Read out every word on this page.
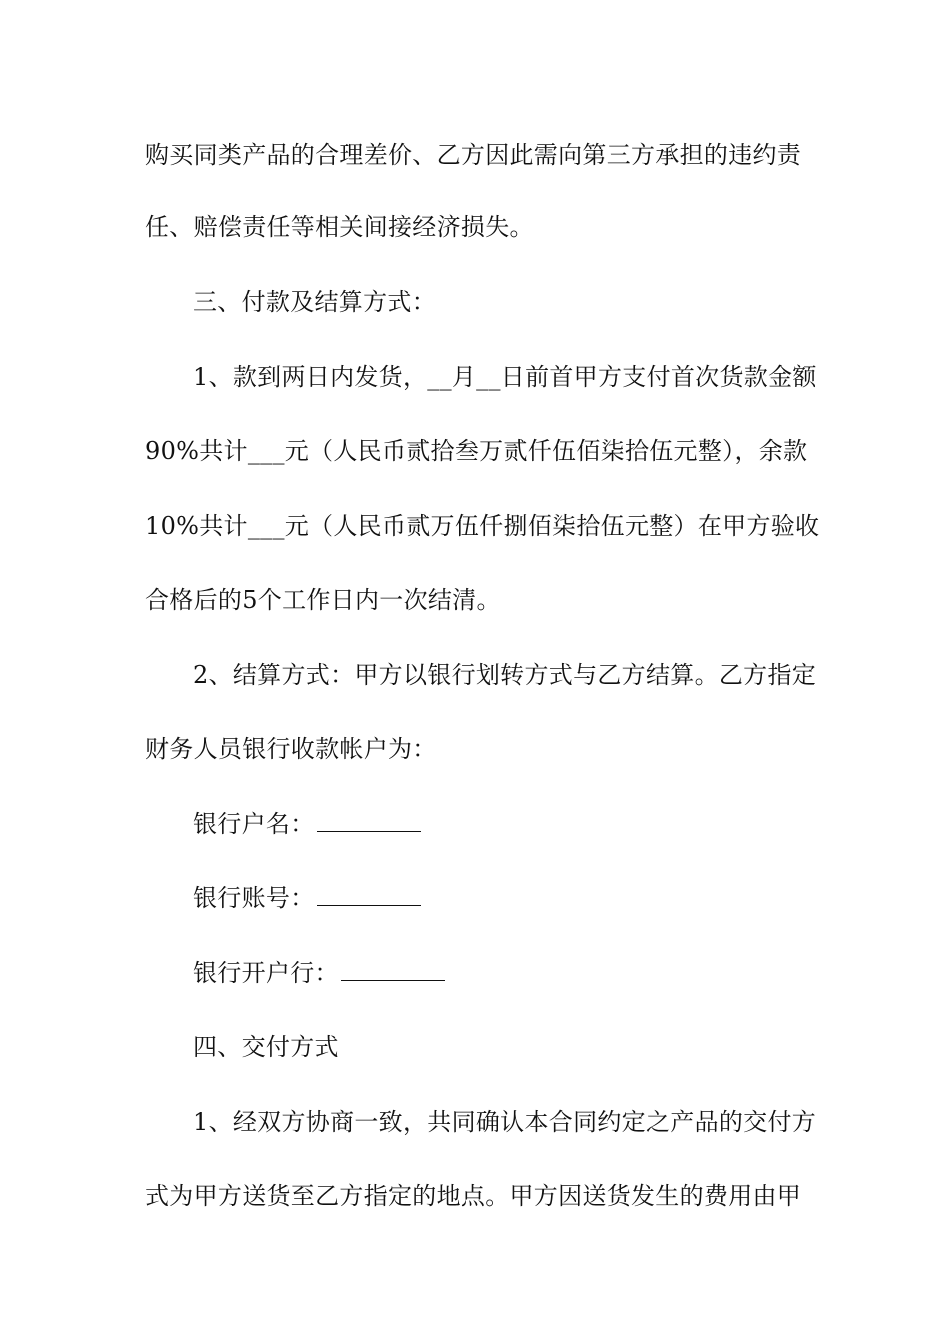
购买同类产品的合理差价、乙方因此需向第三方承担的违约责
任、赔偿责任等相关间接经济损失。
三、付款及结算方式：
1、款到两日内发货，__月__日前首甲方支付首次货款金额
90%共计___元（人民币贰拾叁万贰仟伍佰柒拾伍元整），余款
10%共计___元（人民币贰万伍仟捌佰柒拾伍元整）在甲方验收
合格后的5个工作日内一次结清。
2、结算方式：甲方以银行划转方式与乙方结算。乙方指定
财务人员银行收款帐户为：
银行户名：
银行账号：
银行开户行：
四、交付方式
1、经双方协商一致，共同确认本合同约定之产品的交付方
式为甲方送货至乙方指定的地点。甲方因送货发生的费用由甲
